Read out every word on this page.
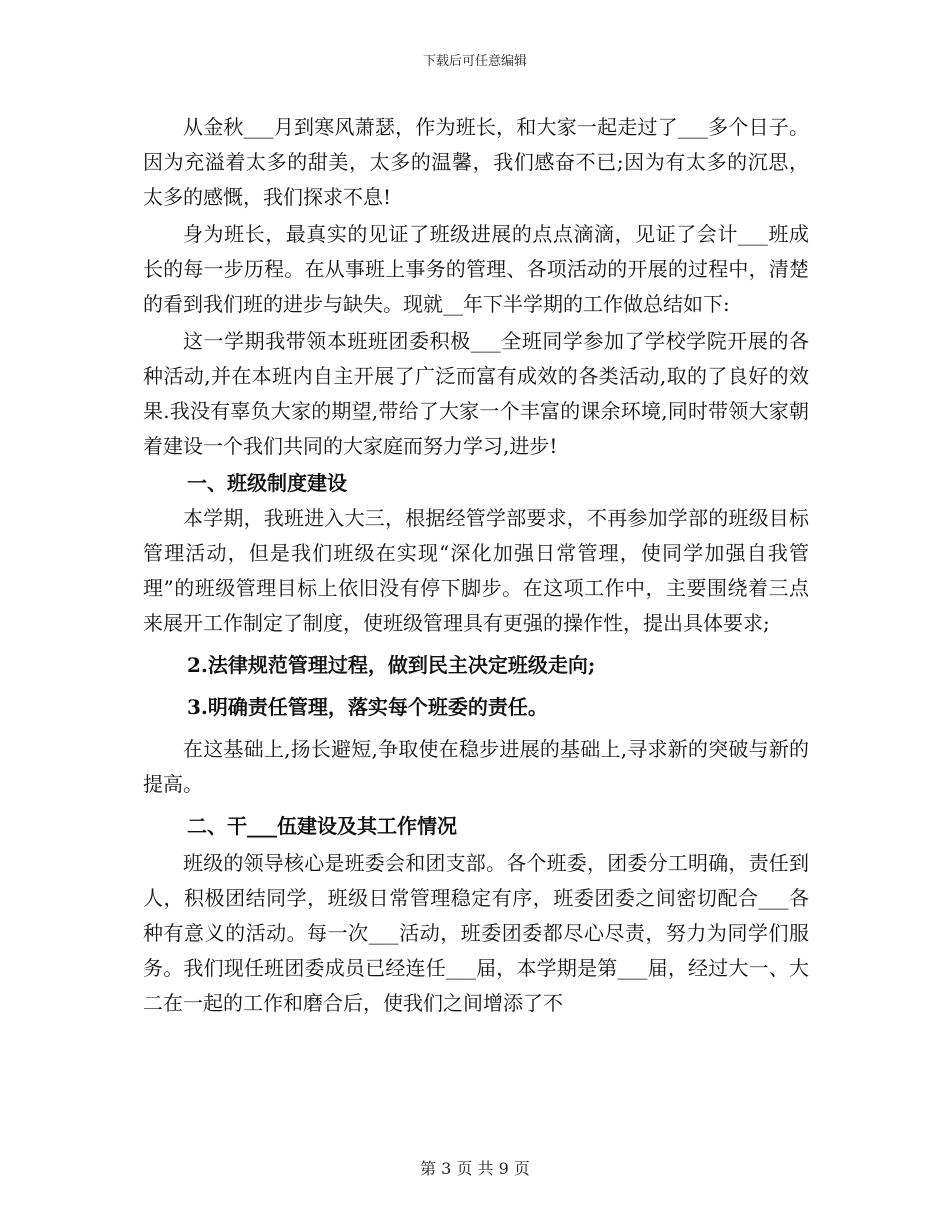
下载后可任意编辑

从金秋___月到寒风萧瑟，作为班长，和大家一起走过了___多个日子。因为充溢着太多的甜美，太多的温馨，我们感奋不已;因为有太多的沉思，太多的感慨，我们探求不息!

身为班长，最真实的见证了班级进展的点点滴滴，见证了会计___班成长的每一步历程。在从事班上事务的管理、各项活动的开展的过程中，清楚的看到我们班的进步与缺失。现就__年下半学期的工作做总结如下:

这一学期我带领本班班团委积极___全班同学参加了学校学院开展的各种活动,并在本班内自主开展了广泛而富有成效的各类活动,取的了良好的效果.我没有辜负大家的期望,带给了大家一个丰富的课余环境,同时带领大家朝着建设一个我们共同的大家庭而努力学习,进步!

一、班级制度建设

本学期，我班进入大三，根据经管学部要求，不再参加学部的班级目标管理活动，但是我们班级在实现“深化加强日常管理，使同学加强自我管理”的班级管理目标上依旧没有停下脚步。在这项工作中，主要围绕着三点来展开工作制定了制度，使班级管理具有更强的操作性，提出具体要求;

2.法律规范管理过程，做到民主决定班级走向;

3.明确责任管理，落实每个班委的责任。

在这基础上,扬长避短,争取使在稳步进展的基础上,寻求新的突破与新的提高。

二、干___伍建设及其工作情况

班级的领导核心是班委会和团支部。各个班委，团委分工明确，责任到人，积极团结同学，班级日常管理稳定有序，班委团委之间密切配合___各种有意义的活动。每一次___活动，班委团委都尽心尽责，努力为同学们服务。我们现任班团委成员已经连任___届，本学期是第___届，经过大一、大二在一起的工作和磨合后，使我们之间增添了不

第 3 页 共 9 页
